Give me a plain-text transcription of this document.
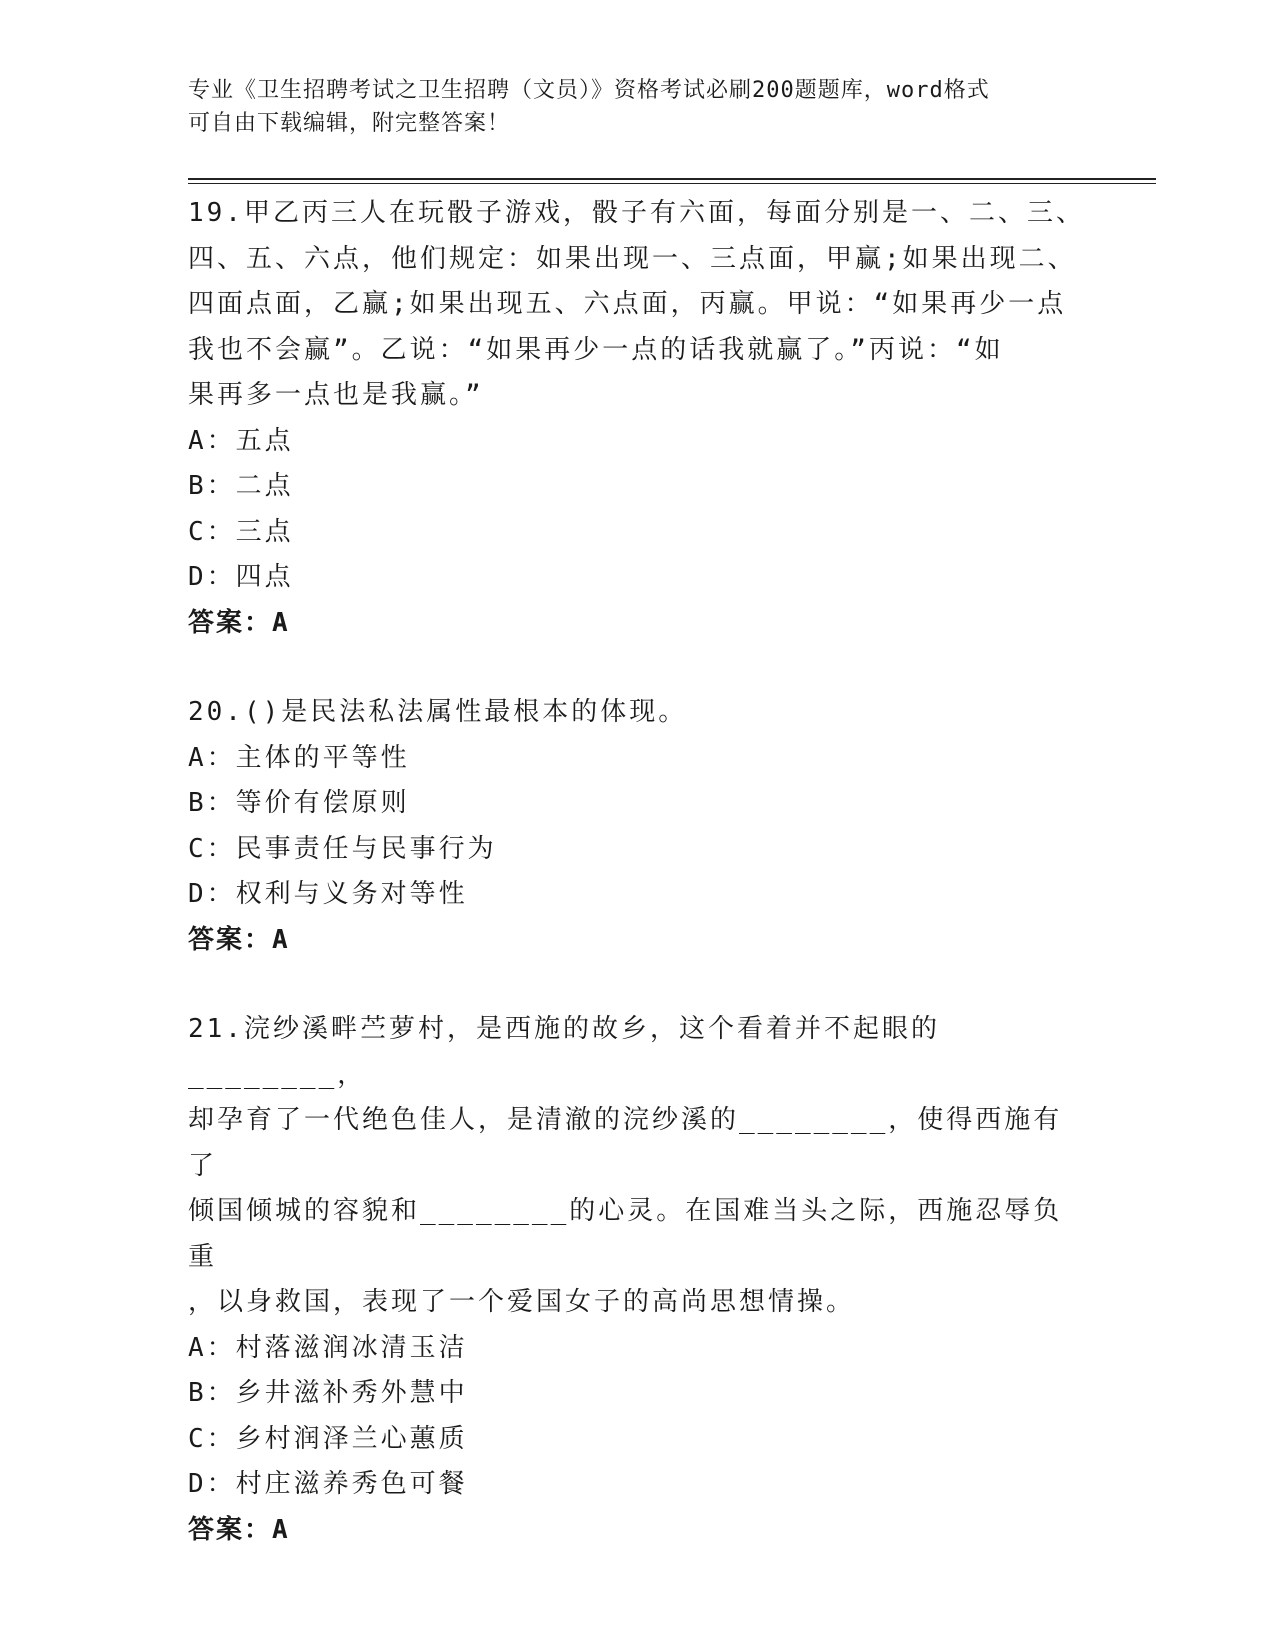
专业《卫生招聘考试之卫生招聘（文员）》资格考试必刷200题题库，word格式
可自由下载编辑，附完整答案！

19.甲乙丙三人在玩骰子游戏，骰子有六面，每面分别是一、二、三、

四、五、六点，他们规定：如果出现一、三点面，甲赢;如果出现二、

四面点面，乙赢;如果出现五、六点面，丙赢。甲说：“如果再少一点

我也不会赢”。乙说：“如果再少一点的话我就赢了。”丙说：“如

果再多一点也是我赢。”

A：五点

B：二点

C：三点

D：四点

答案：A

20.()是民法私法属性最根本的体现。

A：主体的平等性

B：等价有偿原则

C：民事责任与民事行为

D：权利与义务对等性

答案：A

21.浣纱溪畔苎萝村，是西施的故乡，这个看着并不起眼的________，

却孕育了一代绝色佳人，是清澈的浣纱溪的________，使得西施有了

倾国倾城的容貌和________的心灵。在国难当头之际，西施忍辱负重

，以身救国，表现了一个爱国女子的高尚思想情操。

A：村落滋润冰清玉洁

B：乡井滋补秀外慧中

C：乡村润泽兰心蕙质

D：村庄滋养秀色可餐

答案：A
